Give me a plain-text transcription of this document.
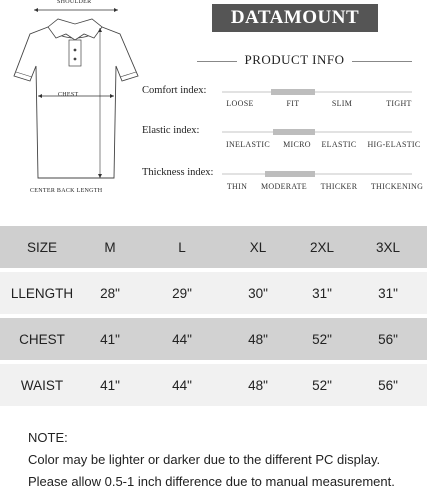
SHOULDER
CHEST
CENTER BACK LENGTH
DATAMOUNT
PRODUCT INFO
Comfort index:
LOOSE	FIT	SLIM	TIGHT
Elastic index:
INELASTIC MICRO ELASTIC HIG-ELASTIC
Thickness index:
THIN MODERATE THICKER THICKENING
SIZE	M	L	XL	2XL	3XL
LLENGTH 28"	29"	30"	31"	31"
CHEST	41"	44"	48"	52"	56"
WAIST	41"	44"	48"	52"	56"
NOTE:
Color may be lighter or darker due to the different PC display.
Please allow 0.5-1 inch difference due to manual measurement.
